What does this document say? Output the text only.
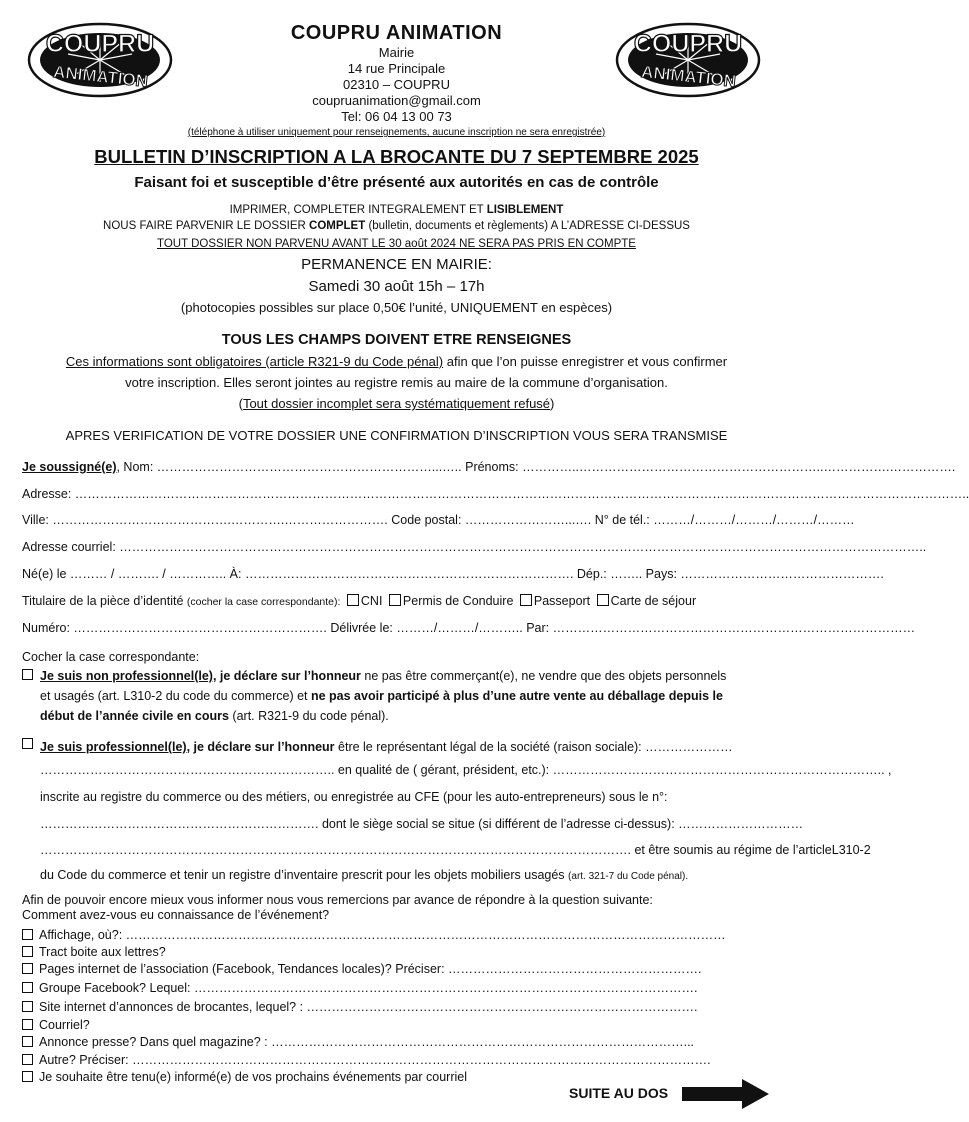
COUPRU
ANIMATION
COUPRU
ANIMATION
COUPRU ANIMATION
Mairie
14 rue Principale
02310 – COUPRU
coupruanimation@gmail.com
Tel: 06 04 13 00 73
(téléphone à utiliser uniquement pour renseignements, aucune inscription ne sera enregistrée)
BULLETIN D’INSCRIPTION A LA BROCANTE DU 7 SEPTEMBRE 2025
Faisant foi et susceptible d’être présenté aux autorités en cas de contrôle
IMPRIMER, COMPLETER INTEGRALEMENT ET LISIBLEMENT
NOUS FAIRE PARVENIR LE DOSSIER COMPLET (bulletin, documents et règlements) A L’ADRESSE CI-DESSUS
TOUT DOSSIER NON PARVENU AVANT LE 30 août 2024 NE SERA PAS PRIS EN COMPTE
PERMANENCE EN MAIRIE:
Samedi 30 août 15h – 17h
(photocopies possibles sur place 0,50€ l’unité, UNIQUEMENT en espèces)
TOUS LES CHAMPS DOIVENT ETRE RENSEIGNES
Ces informations sont obligatoires (article R321-9 du Code pénal) afin que l’on puisse enregistrer et vous confirmer
votre inscription. Elles seront jointes au registre remis au maire de la commune d’organisation.
(Tout dossier incomplet sera systématiquement refusé)
APRES VERIFICATION DE VOTRE DOSSIER UNE CONFIRMATION D’INSCRIPTION VOUS SERA TRANSMISE
Je soussigné(e), Nom: …………………………………………………………...….. Prénoms: …………..…………………………………………………..…………….…………….
Adresse: ……………………………………………………………………………………………………………………………………………………………………………………………..
Ville: …………………………………….………….……………………. Code postal: ……………………...…. N° de tél.: ………/………/………/………/………
Adresse courriel: …………………………………………………………………………………………………………………………………………………………………………..
Né(e) le ……… / ………. / ………….. À: ……………………………………………………………………. Dép.: …….. Pays: ………………………………………….
Titulaire de la pièce d’identité (cocher la case correspondante): CNI Permis de Conduire Passeport Carte de séjour
Numéro: ……………………………………………………. Délivrée le: ………/………/……….. Par: ……………………………………………………………………………
Cocher la case correspondante:
Je suis non professionnel(le), je déclare sur l’honneur ne pas être commerçant(e), ne vendre que des objets personnels
et usagés (art. L310-2 du code du commerce) et ne pas avoir participé à plus d’une autre vente au déballage depuis le
début de l’année civile en cours (art. R321-9 du code pénal).
Je suis professionnel(le), je déclare sur l’honneur être le représentant légal de la société (raison sociale): …………………
…………………………………………………………….. en qualité de ( gérant, président, etc.): …………………………………………………………………….. ,
inscrite au registre du commerce ou des métiers, ou enregistrée au CFE (pour les auto-entrepreneurs) sous le n°:
…………………………………………………………. dont le siège social se situe (si différent de l’adresse ci-dessus): …………………………
……………………………………………………………………………………………………………………………. et être soumis au régime de l’articleL310-2
du Code du commerce et tenir un registre d’inventaire prescrit pour les objets mobiliers usagés (art. 321-7 du Code pénal).
Afin de pouvoir encore mieux vous informer nous vous remercions par avance de répondre à la question suivante:
Comment avez-vous eu connaissance de l’événement?
Affichage, où?: ………………………………………………………………………………………………………………………………
Tract boite aux lettres?
Pages internet de l’association (Facebook, Tendances locales)? Préciser: …………………………………………………….
Groupe Facebook? Lequel: ………………………………………………………………………………………………………….
Site internet d’annonces de brocantes, lequel? : ………………………………………………………………………………….
Courriel?
Annonce presse? Dans quel magazine? : ………………………………………………………………………………………...
Autre? Préciser: ………………………………………………………………………………………………………………………….
Je souhaite être tenu(e) informé(e) de vos prochains événements par courriel
SUITE AU DOS
